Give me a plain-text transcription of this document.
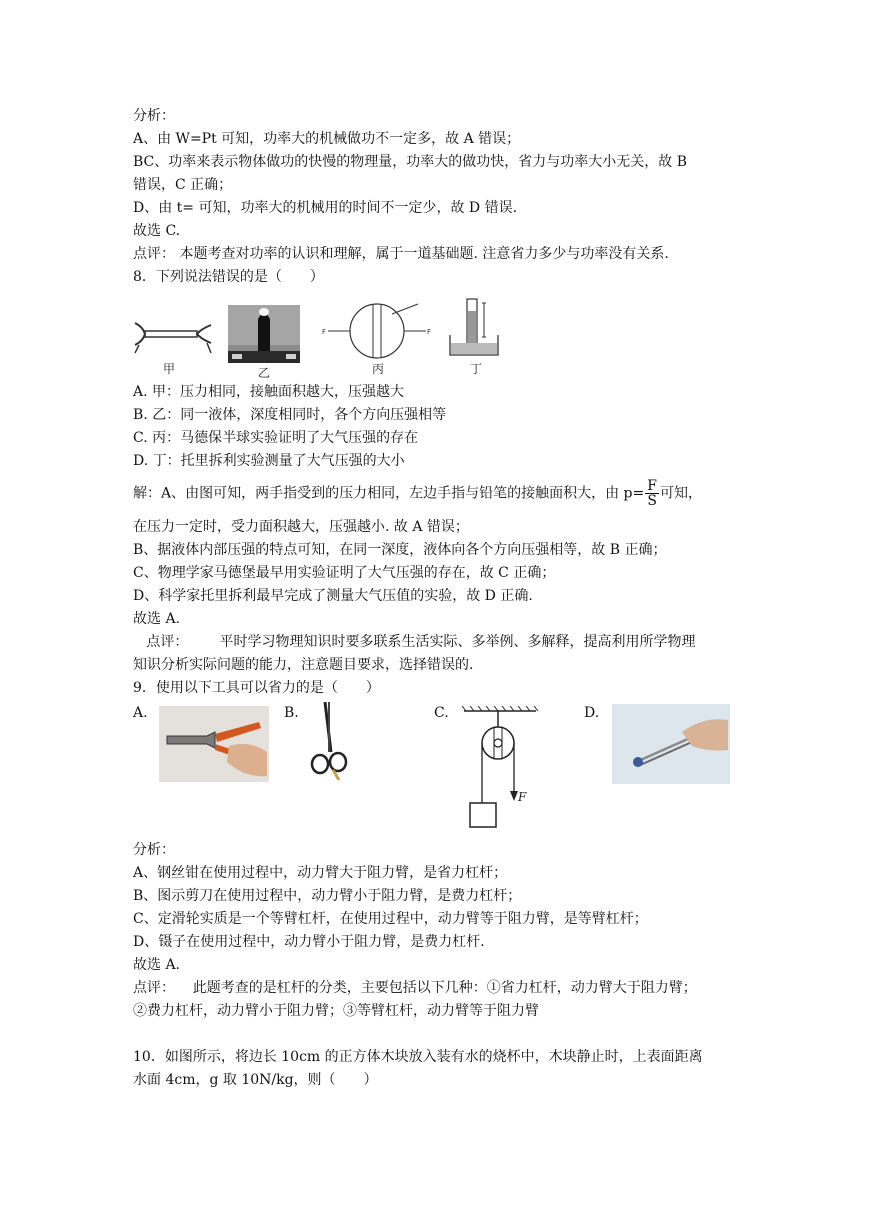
分析：
A、由 W=Pt 可知，功率大的机械做功不一定多，故 A 错误；
BC、功率来表示物体做功的快慢的物理量，功率大的做功快，省力与功率大小无关，故 B
错误，C 正确；
D、由 t= 可知，功率大的机械用的时间不一定少，故 D 错误.
故选 C.
点评： 本题考查对功率的认识和理解，属于一道基础题. 注意省力多少与功率没有关系.
8．下列说法错误的是（　　）
甲	乙
F	F
丙	丁
A. 甲：压力相同，接触面积越大，压强越大
B. 乙：同一液体，深度相同时，各个方向压强相等
C. 丙：马德保半球实验证明了大气压强的存在
D. 丁：托里拆利实验测量了大气压强的大小
解：A、由图可知，两手指受到的压力相同，左边手指与铅笔的接触面积大，由 $p= \frac{F}{S}$ 可知，
在压力一定时，受力面积越大，压强越小. 故 A 错误；
B、据液体内部压强的特点可知，在同一深度，液体向各个方向压强相等，故 B 正确；
C、物理学家马德堡最早用实验证明了大气压强的存在，故 C 正确；
D、科学家托里拆利最早完成了测量大气压值的实验，故 D 正确.
故选 A.
点评：       平时学习物理知识时要多联系生活实际、多举例、多解释，提高利用所学物理
知识分析实际问题的能力，注意题目要求，选择错误的.
9．使用以下工具可以省力的是（　　）
A.	B.	C.
F
D.
分析：
A、钢丝钳在使用过程中，动力臂大于阻力臂，是省力杠杆；
B、图示剪刀在使用过程中，动力臂小于阻力臂，是费力杠杆；
C、定滑轮实质是一个等臂杠杆，在使用过程中，动力臂等于阻力臂，是等臂杠杆；
D、镊子在使用过程中，动力臂小于阻力臂，是费力杠杆.
故选 A.
点评：    此题考查的是杠杆的分类，主要包括以下几种：①省力杠杆，动力臂大于阻力臂；
②费力杠杆，动力臂小于阻力臂；③等臂杠杆，动力臂等于阻力臂
10．如图所示，将边长 10cm 的正方体木块放入装有水的烧杯中，木块静止时，上表面距离
水面 4cm，g 取 10N/kg，则（　　）
